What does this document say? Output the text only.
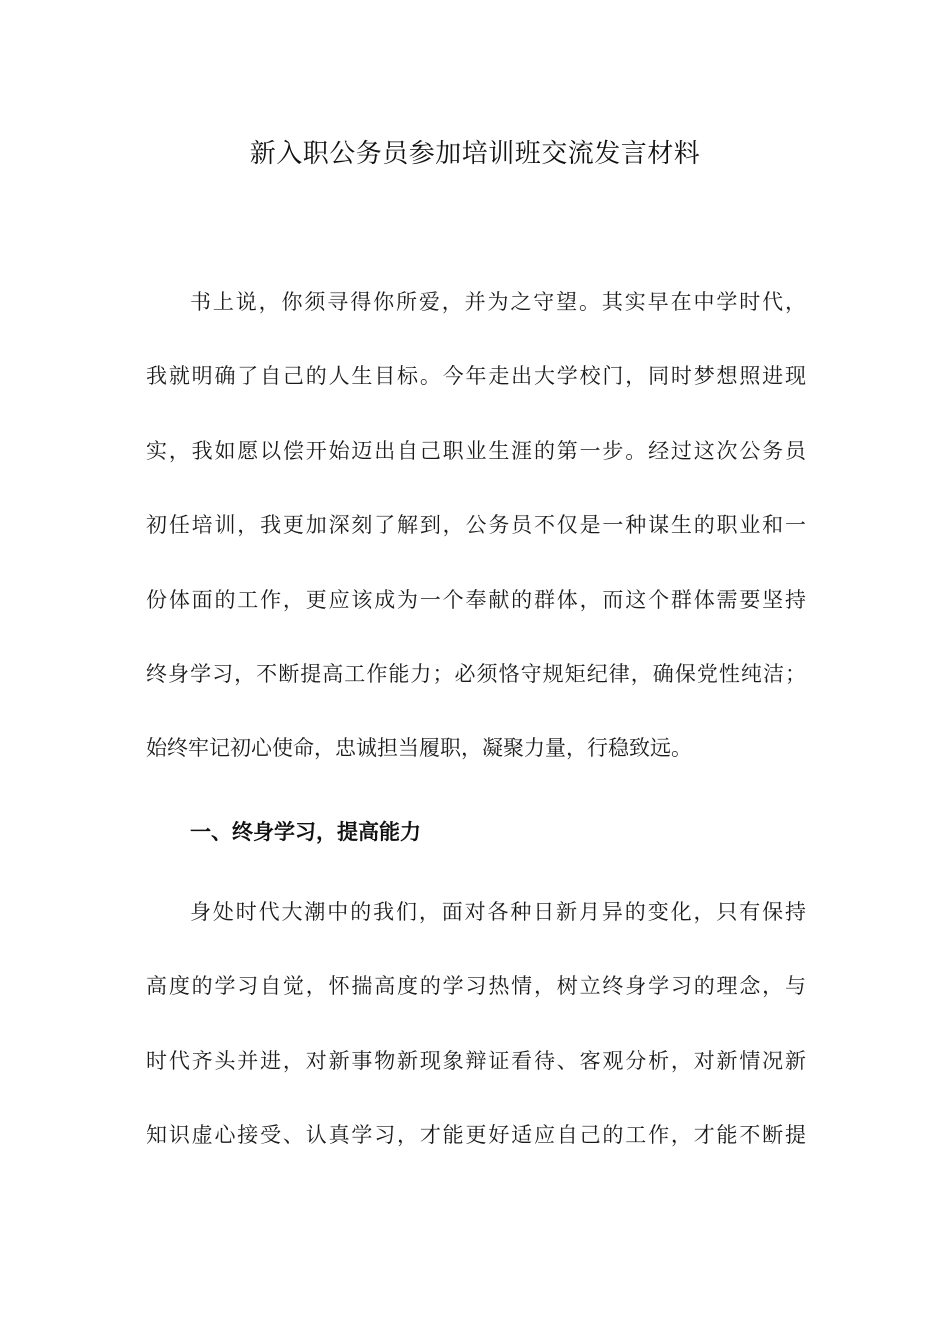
新入职公务员参加培训班交流发言材料
书上说，你须寻得你所爱，并为之守望。其实早在中学时代，
我就明确了自己的人生目标。今年走出大学校门，同时梦想照进现
实，我如愿以偿开始迈出自己职业生涯的第一步。经过这次公务员
初任培训，我更加深刻了解到，公务员不仅是一种谋生的职业和一
份体面的工作，更应该成为一个奉献的群体，而这个群体需要坚持
终身学习，不断提高工作能力；必须恪守规矩纪律，确保党性纯洁；
始终牢记初心使命，忠诚担当履职，凝聚力量，行稳致远。
一、终身学习，提高能力
身处时代大潮中的我们，面对各种日新月异的变化，只有保持
高度的学习自觉，怀揣高度的学习热情，树立终身学习的理念，与
时代齐头并进，对新事物新现象辩证看待、客观分析，对新情况新
知识虚心接受、认真学习，才能更好适应自己的工作，才能不断提
